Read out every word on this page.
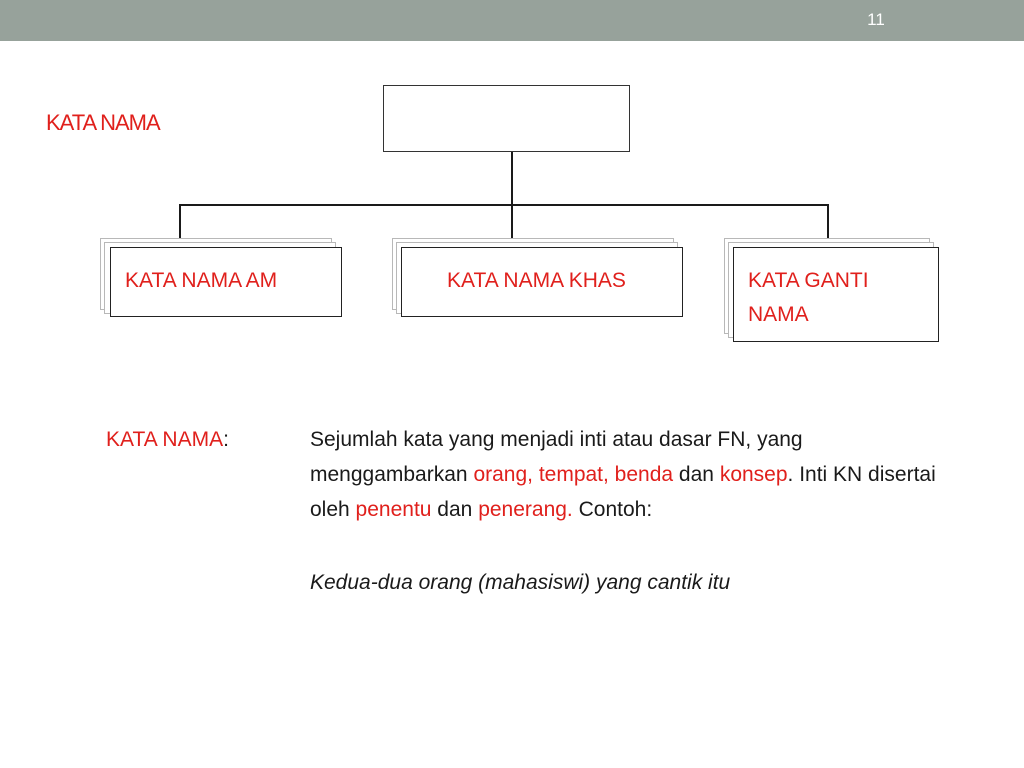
11
KATA NAMA
KATA NAMA AM	KATA NAMA KHAS	KATA GANTI NAMA
KATA NAMA:	Sejumlah kata yang menjadi inti atau dasar FN, yang menggambarkan orang, tempat, benda dan konsep. Inti KN disertai oleh penentu dan penerang. Contoh:
Kedua-dua orang (mahasiswi) yang cantik itu
